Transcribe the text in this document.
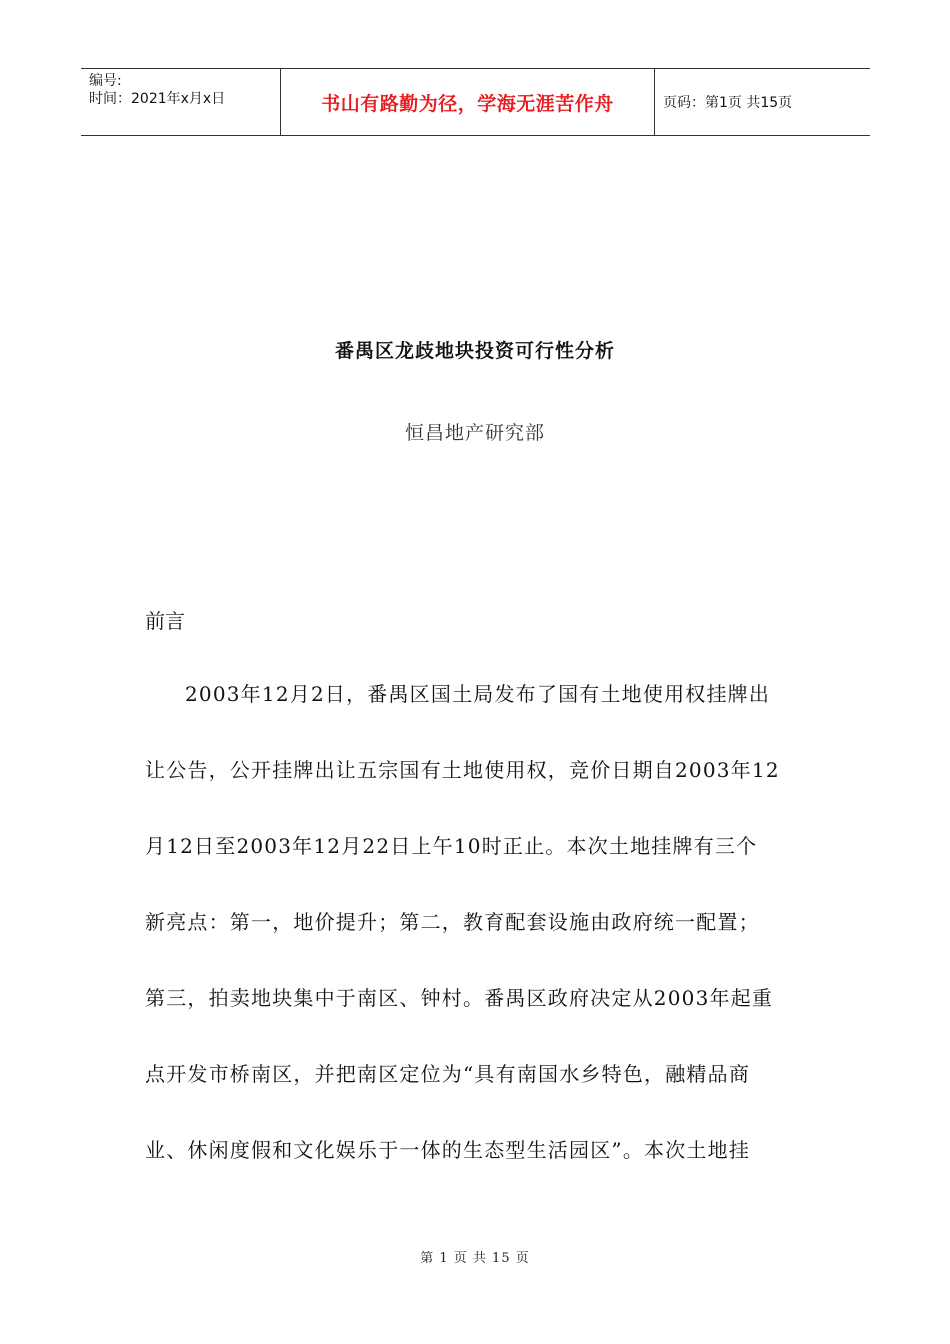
编号:
时间：2021年x月x日	书山有路勤为径，学海无涯苦作舟	页码：第1页 共15页
番禺区龙歧地块投资可行性分析
恒昌地产研究部
前言
2003年12月2日，番禺区国土局发布了国有土地使用权挂牌出
让公告，公开挂牌出让五宗国有土地使用权，竞价日期自2003年12
月12日至2003年12月22日上午10时正止。本次土地挂牌有三个
新亮点：第一，地价提升；第二，教育配套设施由政府统一配置；
第三，拍卖地块集中于南区、钟村。番禺区政府决定从2003年起重
点开发市桥南区，并把南区定位为“具有南国水乡特色，融精品商
业、休闲度假和文化娱乐于一体的生态型生活园区”。本次土地挂
第 1 页 共 15 页
